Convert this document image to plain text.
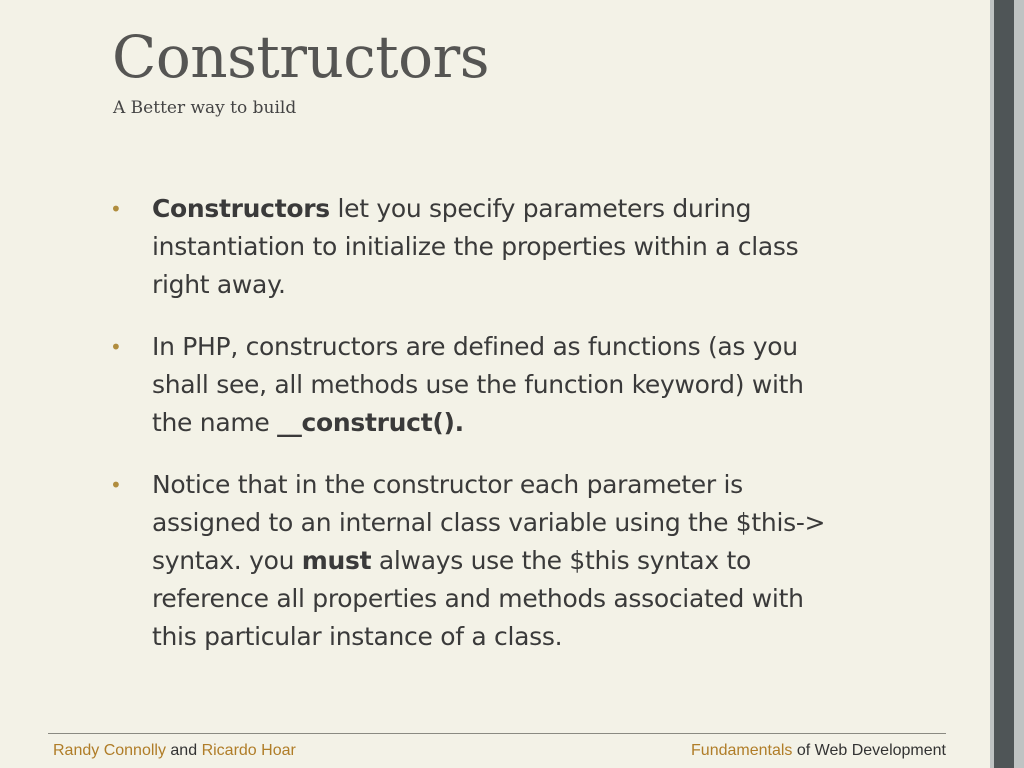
Constructors
A Better way to build
• Constructors let you specify parameters during instantiation to initialize the properties within a class right away.
• In PHP, constructors are defined as functions (as you shall see, all methods use the function keyword) with the name __construct().
• Notice that in the constructor each parameter is assigned to an internal class variable using the $this-> syntax. you must always use the $this syntax to reference all properties and methods associated with this particular instance of a class.
Randy Connolly and Ricardo Hoar	Fundamentals of Web Development
